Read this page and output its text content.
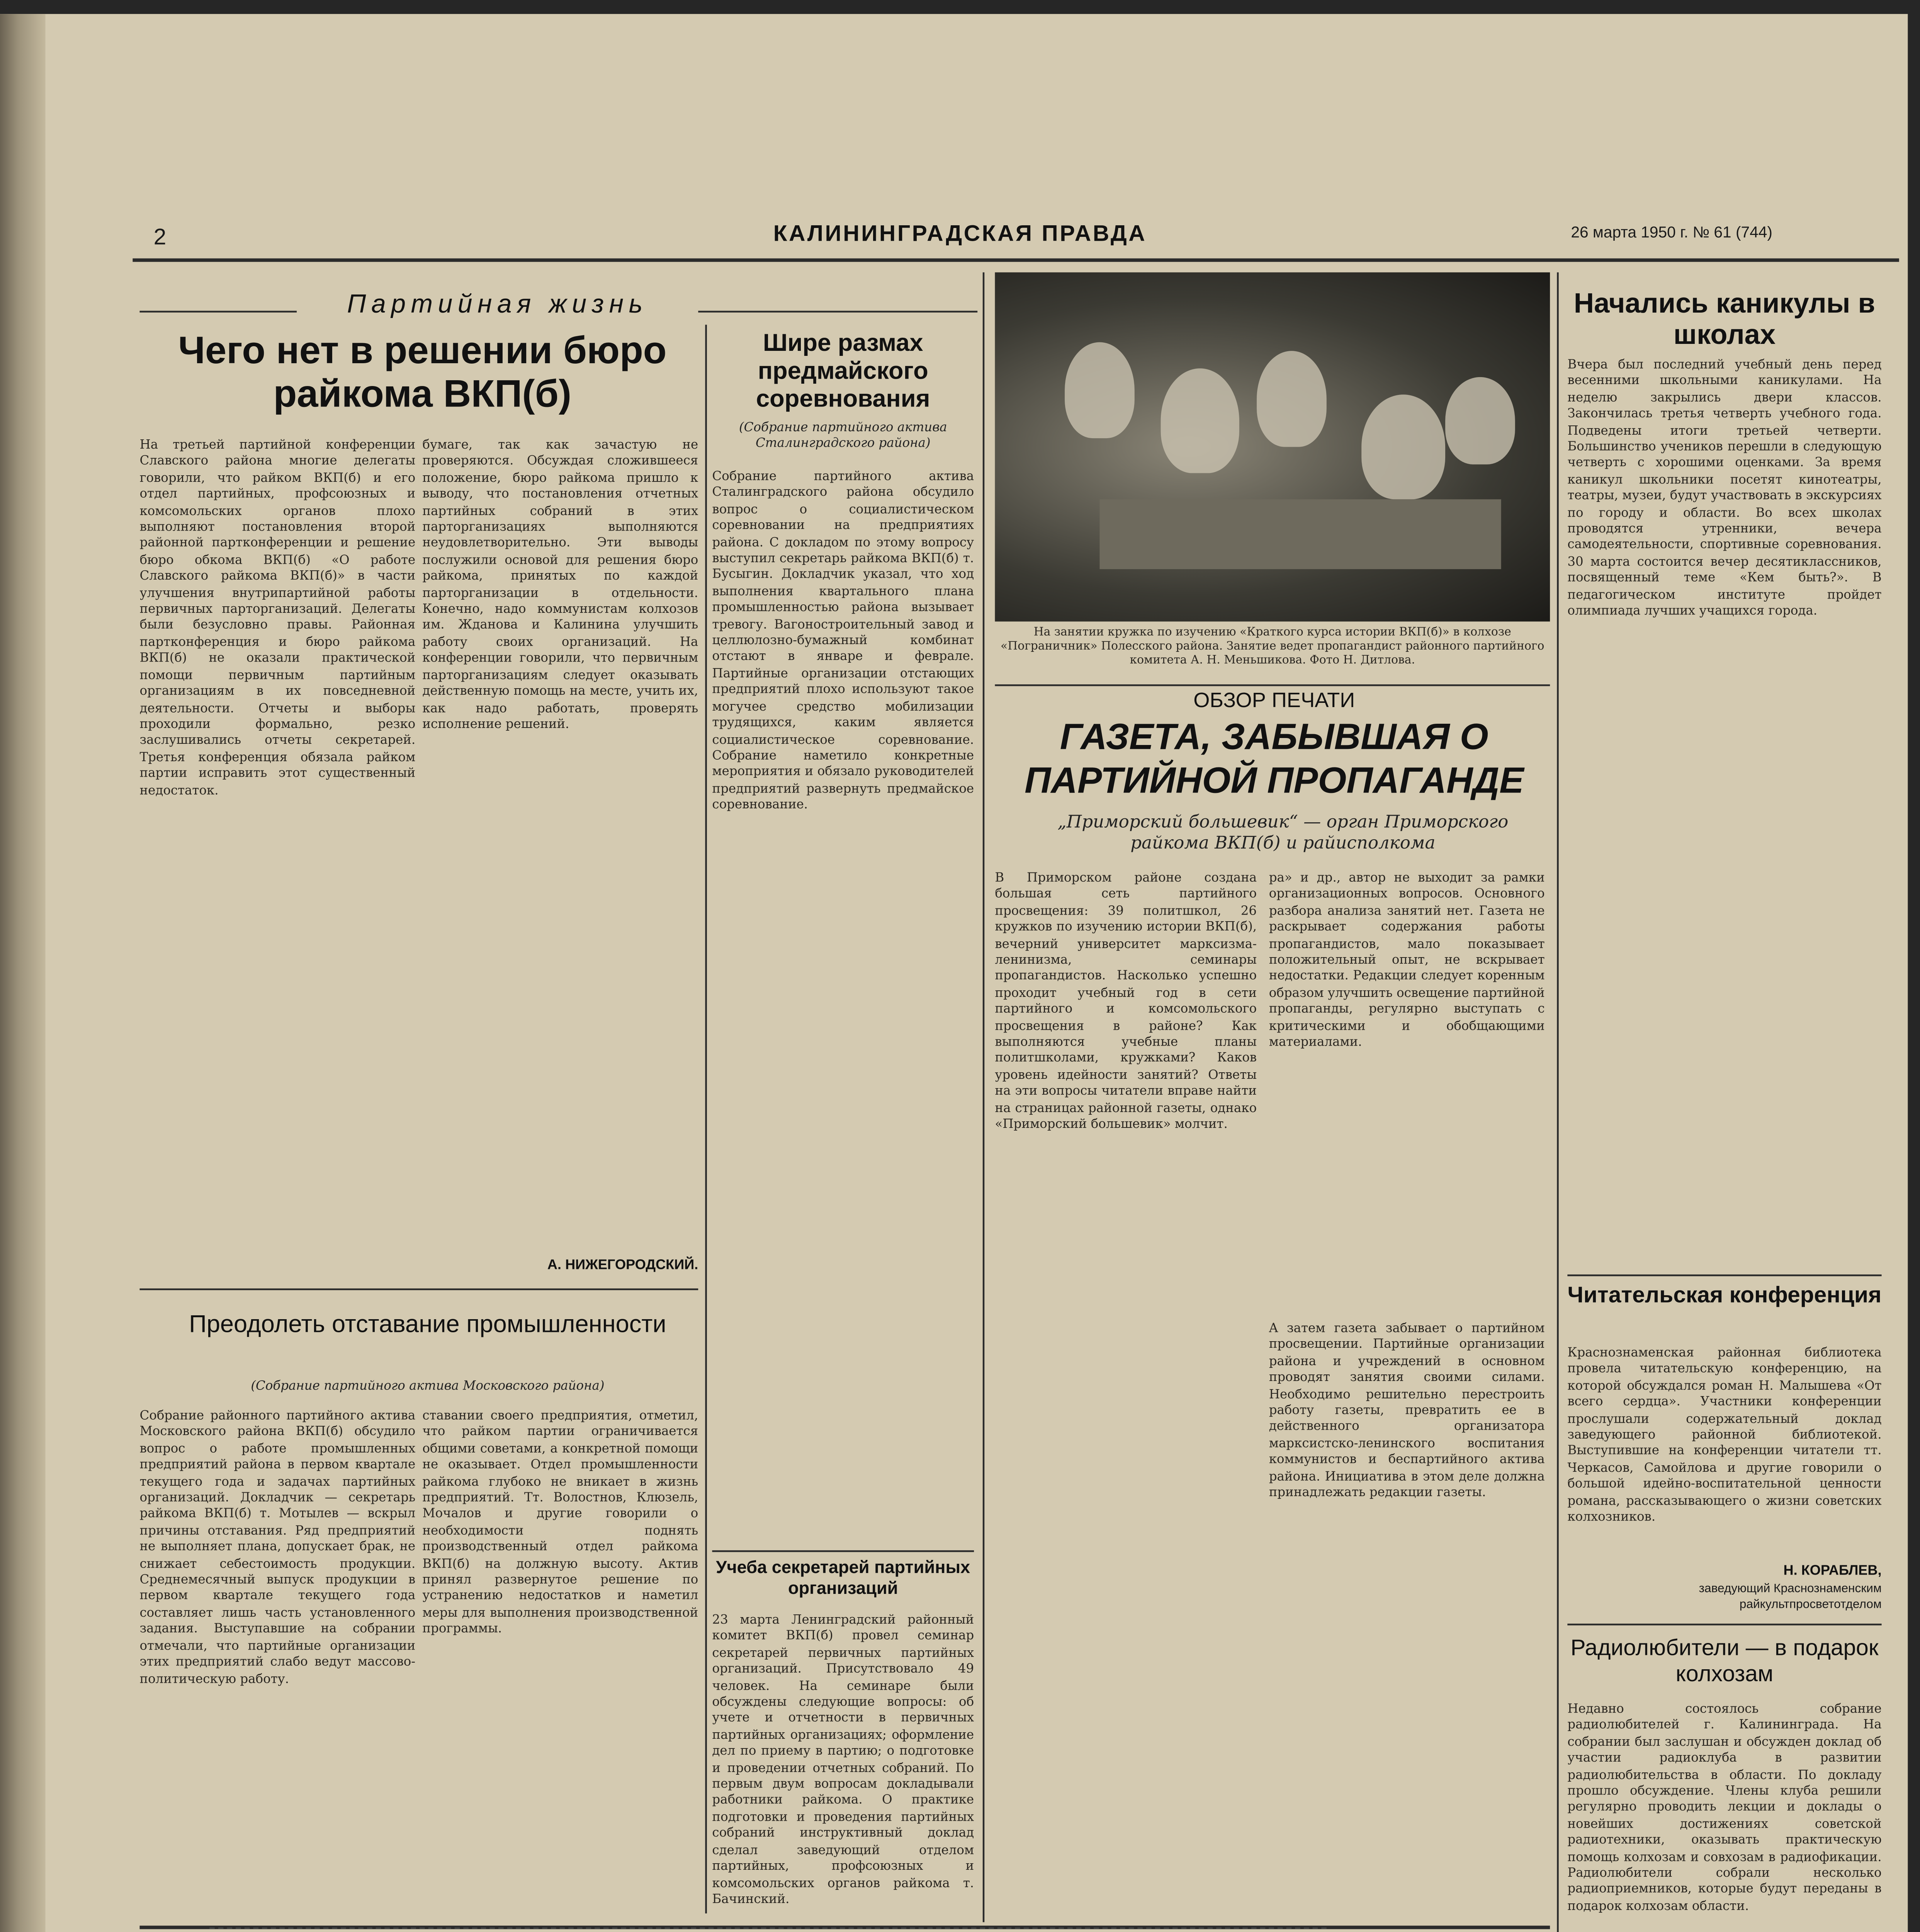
2	КАЛИНИНГРАДСКАЯ ПРАВДА	26 марта 1950 г. № 61 (744)
Партийная жизнь
Чего нет в решении бюро райкома ВКП(б)
На третьей партийной конференции Славского района многие делегаты говорили, что райком ВКП(б) и его отдел партийных, профсоюзных и комсомольских органов плохо выполняют постановления второй районной партконференции и решение бюро обкома ВКП(б) «О работе Славского райкома ВКП(б)» в части улучшения внутрипартийной работы первичных парторганизаций. Делегаты были безусловно правы. Районная партконференция и бюро райкома ВКП(б) не оказали практической помощи первичным партийным организациям в их повседневной деятельности. Отчеты и выборы проходили формально, резко заслушивались отчеты секретарей. Третья конференция обязала райком партии исправить этот существенный недостаток.
бумаге, так как зачастую не проверяются. Обсуждая сложившееся положение, бюро райкома пришло к выводу, что постановления отчетных партийных собраний в этих парторганизациях выполняются неудовлетворительно. Эти выводы послужили основой для решения бюро райкома, принятых по каждой парторганизации в отдельности. Конечно, надо коммунистам колхозов им. Жданова и Калинина улучшить работу своих организаций. На конференции говорили, что первичным парторганизациям следует оказывать действенную помощь на месте, учить их, как надо работать, проверять исполнение решений.
А. НИЖЕГОРОДСКИЙ.
Шире размах предмайского соревнования
(Собрание партийного актива Сталинградского района)
Собрание партийного актива Сталинградского района обсудило вопрос о социалистическом соревновании на предприятиях района. С докладом по этому вопросу выступил секретарь райкома ВКП(б) т. Бусыгин. Докладчик указал, что ход выполнения квартального плана промышленностью района вызывает тревогу. Вагоностроительный завод и целлюлозно-бумажный комбинат отстают в январе и феврале. Партийные организации отстающих предприятий плохо используют такое могучее средство мобилизации трудящихся, каким является социалистическое соревнование. Собрание наметило конкретные мероприятия и обязало руководителей предприятий развернуть предмайское соревнование.
Преодолеть отставание промышленности
(Собрание партийного актива Московского района)
Собрание районного партийного актива Московского района ВКП(б) обсудило вопрос о работе промышленных предприятий района в первом квартале текущего года и задачах партийных организаций. Докладчик — секретарь райкома ВКП(б) т. Мотылев — вскрыл причины отставания. Ряд предприятий не выполняет плана, допускает брак, не снижает себестоимость продукции. Среднемесячный выпуск продукции в первом квартале текущего года составляет лишь часть установленного задания. Выступавшие на собрании отмечали, что партийные организации этих предприятий слабо ведут массово-политическую работу.
ставании своего предприятия, отметил, что райком партии ограничивается общими советами, а конкретной помощи не оказывает. Отдел промышленности райкома глубоко не вникает в жизнь предприятий. Тт. Волостнов, Клюзель, Мочалов и другие говорили о необходимости поднять производственный отдел райкома ВКП(б) на должную высоту. Актив принял развернутое решение по устранению недостатков и наметил меры для выполнения производственной программы.
Учеба секретарей партийных организаций
23 марта Ленинградский районный комитет ВКП(б) провел семинар секретарей первичных партийных организаций. Присутствовало 49 человек. На семинаре были обсуждены следующие вопросы: об учете и отчетности в первичных партийных организациях; оформление дел по приему в партию; о подготовке и проведении отчетных собраний. По первым двум вопросам докладывали работники райкома. О практике подготовки и проведения партийных собраний инструктивный доклад сделал заведующий отделом партийных, профсоюзных и комсомольских органов райкома т. Бачинский.
На занятии кружка по изучению «Краткого курса истории ВКП(б)» в колхозе «Пограничник» Полесского района. Занятие ведет пропагандист районного партийного комитета А. Н. Меньшикова. Фото Н. Дитлова.
ОБЗОР ПЕЧАТИ
ГАЗЕТА, ЗАБЫВШАЯ О ПАРТИЙНОЙ ПРОПАГАНДЕ
„Приморский большевик“ — орган Приморского райкома ВКП(б) и райисполкома
В Приморском районе создана большая сеть партийного просвещения: 39 политшкол, 26 кружков по изучению истории ВКП(б), вечерний университет марксизма-ленинизма, семинары пропагандистов. Насколько успешно проходит учебный год в сети партийного и комсомольского просвещения в районе? Как выполняются учебные планы политшколами, кружками? Каков уровень идейности занятий? Ответы на эти вопросы читатели вправе найти на страницах районной газеты, однако «Приморский большевик» молчит.
ра» и др., автор не выходит за рамки организационных вопросов. Основного разбора анализа занятий нет. Газета не раскрывает содержания работы пропагандистов, мало показывает положительный опыт, не вскрывает недостатки. Редакции следует коренным образом улучшить освещение партийной пропаганды, регулярно выступать с критическими и обобщающими материалами.
A затем газета забывает о партийном просвещении. Партийные организации района и учреждений в основном проводят занятия своими силами. Необходимо решительно перестроить работу газеты, превратить ее в действенного организатора марксистско-ленинского воспитания коммунистов и беспартийного актива района. Инициатива в этом деле должна принадлежать редакции газеты.
Начались каникулы в школах
Вчера был последний учебный день перед весенними школьными каникулами. На неделю закрылись двери классов. Закончилась третья четверть учебного года. Подведены итоги третьей четверти. Большинство учеников перешли в следующую четверть с хорошими оценками. За время каникул школьники посетят кинотеатры, театры, музеи, будут участвовать в экскурсиях по городу и области. Во всех школах проводятся утренники, вечера самодеятельности, спортивные соревнования. 30 марта состоится вечер десятиклассников, посвященный теме «Кем быть?». В педагогическом институте пройдет олимпиада лучших учащихся города.
Читательская конференция
Краснознаменская районная библиотека провела читательскую конференцию, на которой обсуждался роман Н. Малышева «От всего сердца». Участники конференции прослушали содержательный доклад заведующего районной библиотекой. Выступившие на конференции читатели тт. Черкасов, Самойлова и другие говорили о большой идейно-воспитательной ценности романа, рассказывающего о жизни советских колхозников.
Н. КОРАБЛЕВ,
заведующий Краснознаменским райкультпросветотделом
Радиолюбители — в подарок колхозам
Недавно состоялось собрание радиолюбителей г. Калининграда. На собрании был заслушан и обсужден доклад об участии радиоклуба в развитии радиолюбительства в области. По докладу прошло обсуждение. Члены клуба решили регулярно проводить лекции и доклады о новейших достижениях советской радиотехники, оказывать практическую помощь колхозам и совхозам в радиофикации. Радиолюбители собрали несколько радиоприемников, которые будут переданы в подарок колхозам области.
